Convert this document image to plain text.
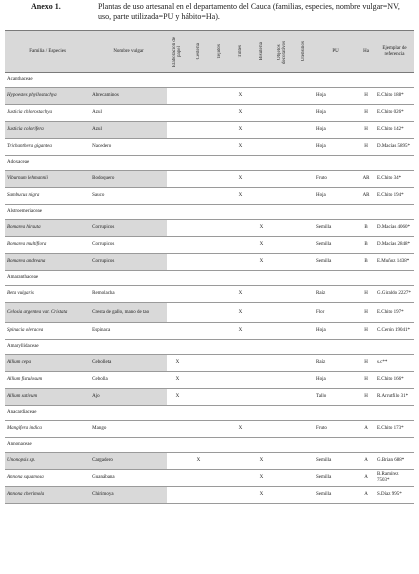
Anexo 1.	Plantas de uso artesanal en el departamento del Cauca (familias, especies, nombre vulgar=NV, uso, parte utilizada=PU y hábito=Ha).
Familia / Especies	Nombre vulgar	Elaboración de papel	Cestería	Tejidos	Tintes	Bisutería	Objetos decorativos	Utensilios	PU	Ha	Ejemplar de referencia
Acanthaceae											
Hypoestes phyllostachya	Abrecaminos				X				Hoja	H	E.Chito 188*
Justicia chlorostachya	Azul				X				Hoja	H	E.Chito 026*
Justicia colorifera	Azul				X				Hoja	H	E.Chito 142*
Trichanthera gigantea	Nacedero				X				Hoja	H	D.Macías 5895*
Adoxaceae											
Viburnum lehmannii	Bodoquero				X				Fruto	AR	E.Chito 34*
Sambucus nigra	Sauco				X				Hoja	AR	E.Chito 194*
Alstroemeriaceae											
Bomarea hirsuta	Corrupicos					X			Semilla	B	D.Macías 4060*
Bomarea multiflora	Corrupicos					X			Semilla	B	D.Macías 2848*
Bomarea andreana	Corrupicos					X			Semilla	B	E.Muñoz 1438*
Amaranthaceae											
Beta vulgaris	Remolacha				X				Raíz	H	G.Giraldo 2227*
Celosia argentea var. Cristata	Cresta de gallo, mano de tao				X				Flor	H	E.Chito 197*
Spinacia oleracea	Espinaca				X				Hoja	H	C.Cerón 19041*
Amaryllidaceae											
Allium cepa	Cebolleta	X							Raíz	H	s.c**
Allium fistulosum	Cebolla	X							Hoja	H	E.Chito 166*
Allium sativum	Ajo	X							Tallo	H	R.Arrutfilo 31*
Anacardiaceae											
Mangifera indica	Mango				X				Fruto	A	E.Chito 173*
Annonaceae											
Unonopsis sp.	Cargadero		X			X			Semilla	A	G.Brian 688*
Annona squamosa	Guanábana					X			Semilla	A	B.Ramírez 7503*
Annona cherimola	Chirimoya					X			Semilla	A	S.Díaz 995*
